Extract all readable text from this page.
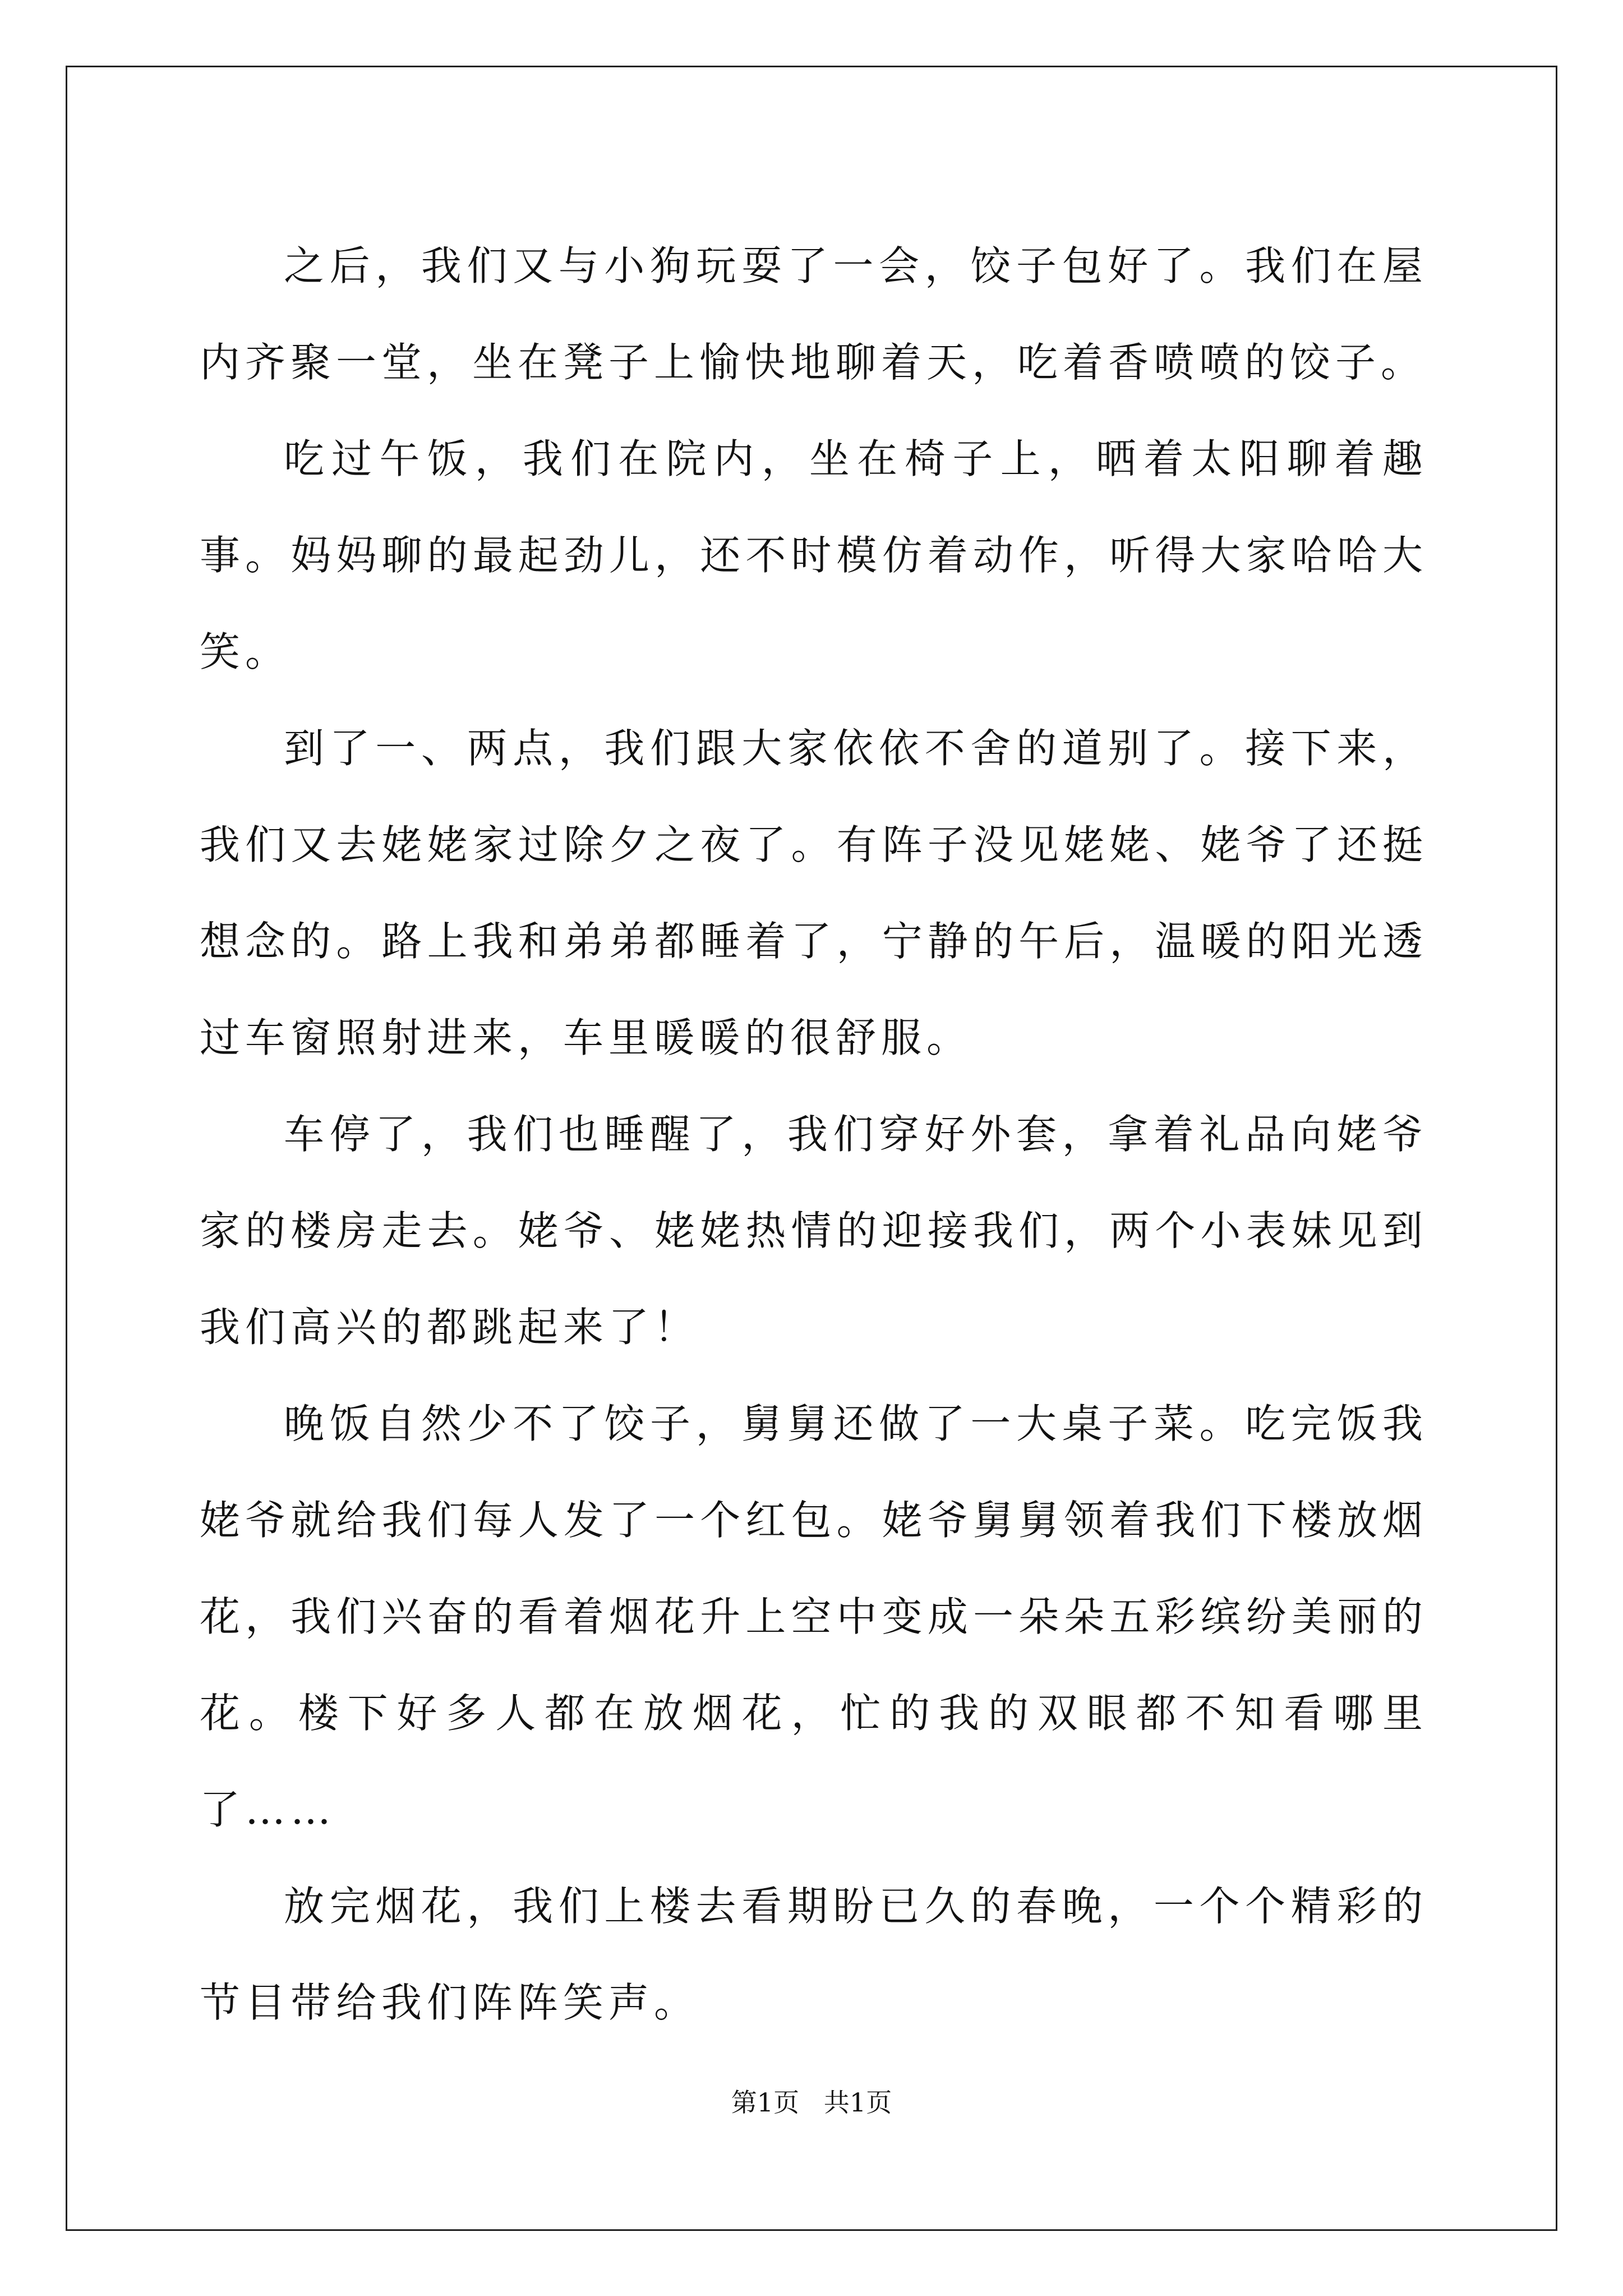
之后，我们又与小狗玩耍了一会，饺子包好了。我们在屋内齐聚一堂，坐在凳子上愉快地聊着天，吃着香喷喷的饺子。

吃过午饭，我们在院内，坐在椅子上，晒着太阳聊着趣事。妈妈聊的最起劲儿，还不时模仿着动作，听得大家哈哈大笑。

到了一、两点，我们跟大家依依不舍的道别了。接下来，我们又去姥姥家过除夕之夜了。有阵子没见姥姥、姥爷了还挺想念的。路上我和弟弟都睡着了，宁静的午后，温暖的阳光透过车窗照射进来，车里暖暖的很舒服。

车停了，我们也睡醒了，我们穿好外套，拿着礼品向姥爷家的楼房走去。姥爷、姥姥热情的迎接我们，两个小表妹见到我们高兴的都跳起来了！

晚饭自然少不了饺子，舅舅还做了一大桌子菜。吃完饭我姥爷就给我们每人发了一个红包。姥爷舅舅领着我们下楼放烟花，我们兴奋的看着烟花升上空中变成一朵朵五彩缤纷美丽的花。楼下好多人都在放烟花，忙的我的双眼都不知看哪里了……

放完烟花，我们上楼去看期盼已久的春晚，一个个精彩的节目带给我们阵阵笑声。

第1页   共1页
